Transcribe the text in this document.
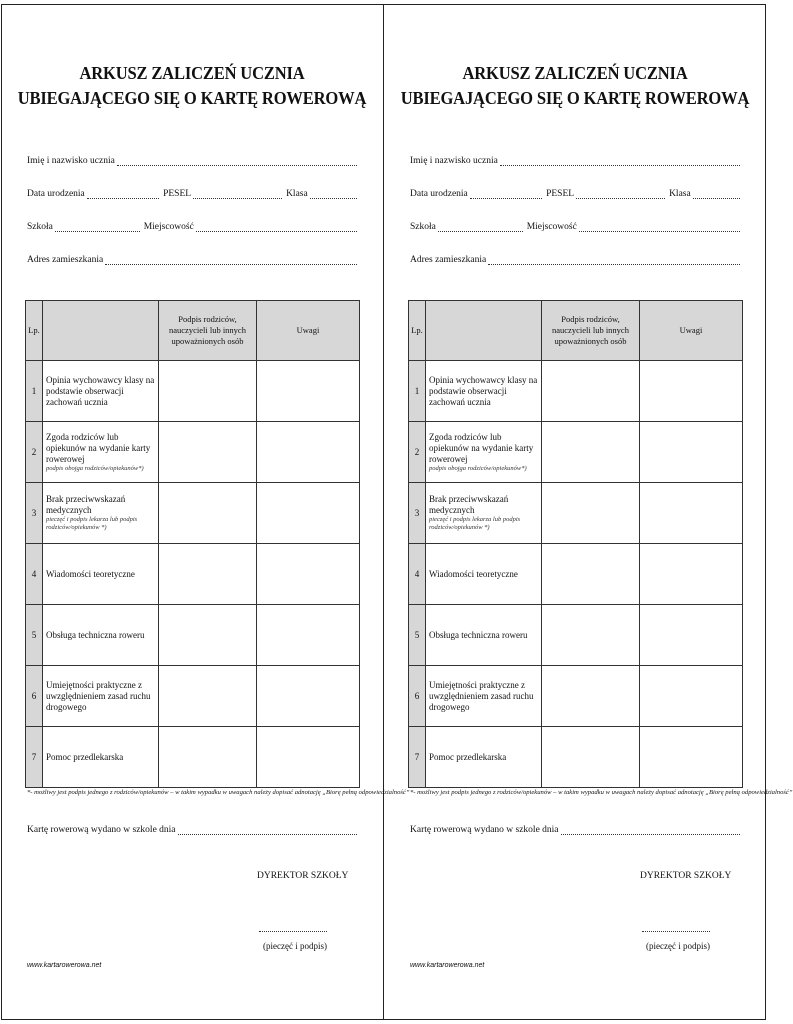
ARKUSZ ZALICZEŃ UCZNIA
UBIEGAJĄCEGO SIĘ O KARTĘ ROWEROWĄ
Imię i nazwisko ucznia
Data urodzenia	PESEL	Klasa
Szkoła	Miejscowość
Adres zamieszkania
Lp.		Podpis rodziców, nauczycieli lub innych upoważnionych osób	Uwagi
1	Opinia wychowawcy klasy na podstawie obserwacji zachowań ucznia		
2	Zgoda rodziców lub opiekunów na wydanie karty rowerowej
podpis obojga rodziców/opiekunów*)		

3	Brak przeciwwskazań medycznych
pieczęć i podpis lekarza lub podpis rodziców/opiekunów *)		

4	Wiadomości teoretyczne		
5	Obsługa techniczna roweru		
6	Umiejętności praktyczne z uwzględnieniem zasad ruchu drogowego		
7	Pomoc przedlekarska		
*- możliwy jest podpis jednego z rodziców/opiekunów – w takim wypadku w uwagach należy dopisać adnotację „Biorę pełną odpowiedzialność”
Kartę rowerową wydano w szkole dnia
DYREKTOR SZKOŁY
(pieczęć i podpis)
www.kartarowerowa.net
ARKUSZ ZALICZEŃ UCZNIA
UBIEGAJĄCEGO SIĘ O KARTĘ ROWEROWĄ
Imię i nazwisko ucznia
Data urodzenia	PESEL	Klasa
Szkoła	Miejscowość
Adres zamieszkania
Lp.		Podpis rodziców, nauczycieli lub innych upoważnionych osób	Uwagi
1	Opinia wychowawcy klasy na podstawie obserwacji zachowań ucznia		
2	Zgoda rodziców lub opiekunów na wydanie karty rowerowej
podpis obojga rodziców/opiekunów*)		

3	Brak przeciwwskazań medycznych
pieczęć i podpis lekarza lub podpis rodziców/opiekunów *)		

4	Wiadomości teoretyczne		
5	Obsługa techniczna roweru		
6	Umiejętności praktyczne z uwzględnieniem zasad ruchu drogowego		
7	Pomoc przedlekarska		
*- możliwy jest podpis jednego z rodziców/opiekunów – w takim wypadku w uwagach należy dopisać adnotację „Biorę pełną odpowiedzialność”
Kartę rowerową wydano w szkole dnia
DYREKTOR SZKOŁY
(pieczęć i podpis)
www.kartarowerowa.net
